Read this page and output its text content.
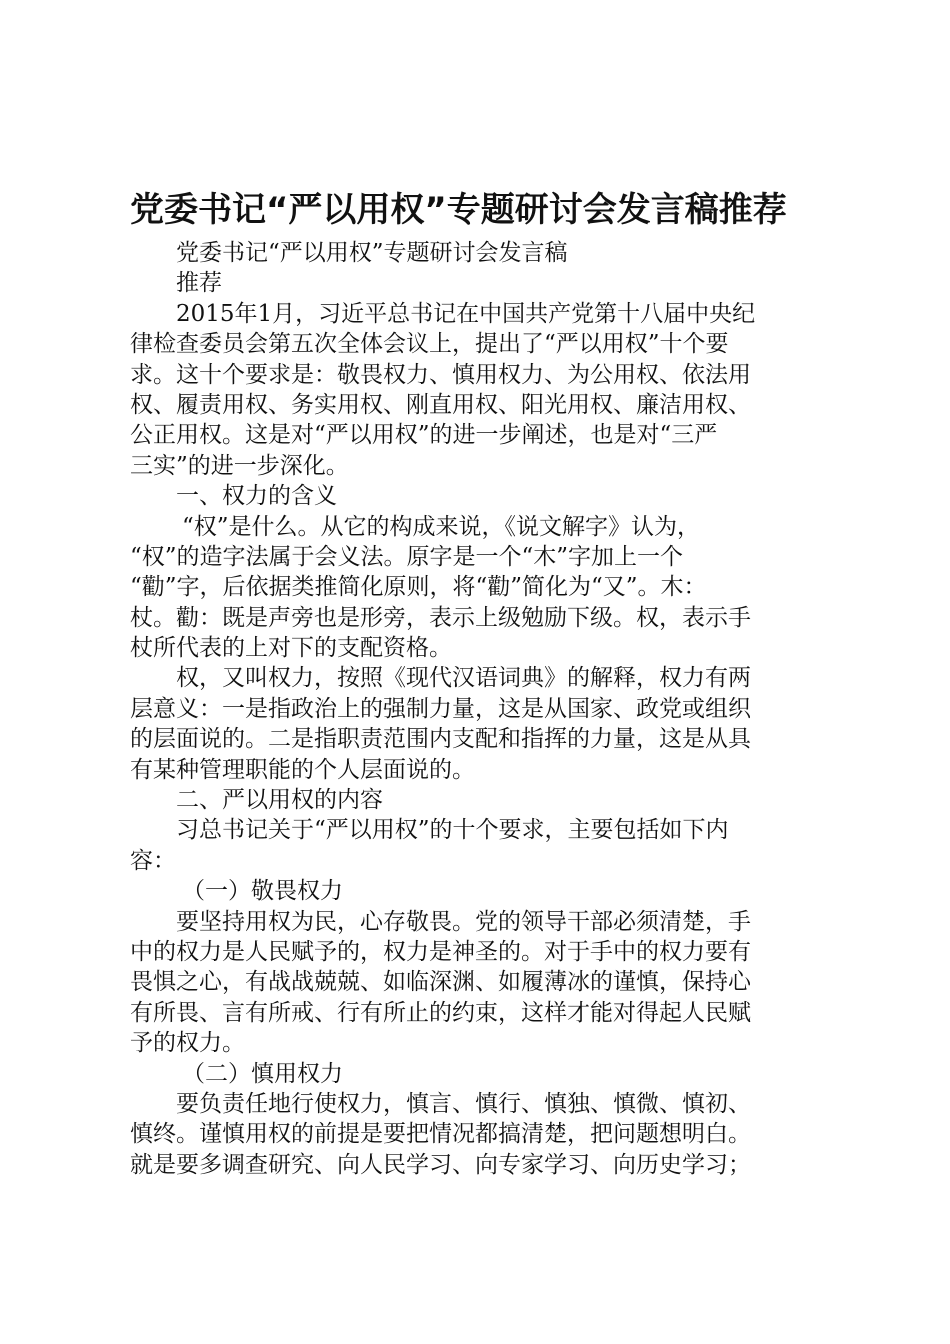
党委书记“严以用权”专题研讨会发言稿推荐
党委书记“严以用权”专题研讨会发言稿
推荐
2015年1月，习近平总书记在中国共产党第十八届中央纪
律检查委员会第五次全体会议上，提出了“严以用权”十个要
求。这十个要求是：敬畏权力、慎用权力、为公用权、依法用
权、履责用权、务实用权、刚直用权、阳光用权、廉洁用权、
公正用权。这是对“严以用权”的进一步阐述，也是对“三严
三实”的进一步深化。
一、权力的含义
“权”是什么。从它的构成来说，《说文解字》认为，
“权”的造字法属于会义法。原字是一个“木”字加上一个
“勸”字，后依据类推简化原则，将“勸”简化为“又”。木：
杖。勸：既是声旁也是形旁，表示上级勉励下级。权，表示手
杖所代表的上对下的支配资格。
权，又叫权力，按照《现代汉语词典》的解释，权力有两
层意义：一是指政治上的强制力量，这是从国家、政党或组织
的层面说的。二是指职责范围内支配和指挥的力量，这是从具
有某种管理职能的个人层面说的。
二、严以用权的内容
习总书记关于“严以用权”的十个要求，主要包括如下内
容：
（一）敬畏权力
要坚持用权为民，心存敬畏。党的领导干部必须清楚，手
中的权力是人民赋予的，权力是神圣的。对于手中的权力要有
畏惧之心，有战战兢兢、如临深渊、如履薄冰的谨慎，保持心
有所畏、言有所戒、行有所止的约束，这样才能对得起人民赋
予的权力。
（二）慎用权力
要负责任地行使权力，慎言、慎行、慎独、慎微、慎初、
慎终。谨慎用权的前提是要把情况都搞清楚，把问题想明白。
就是要多调查研究、向人民学习、向专家学习、向历史学习；
